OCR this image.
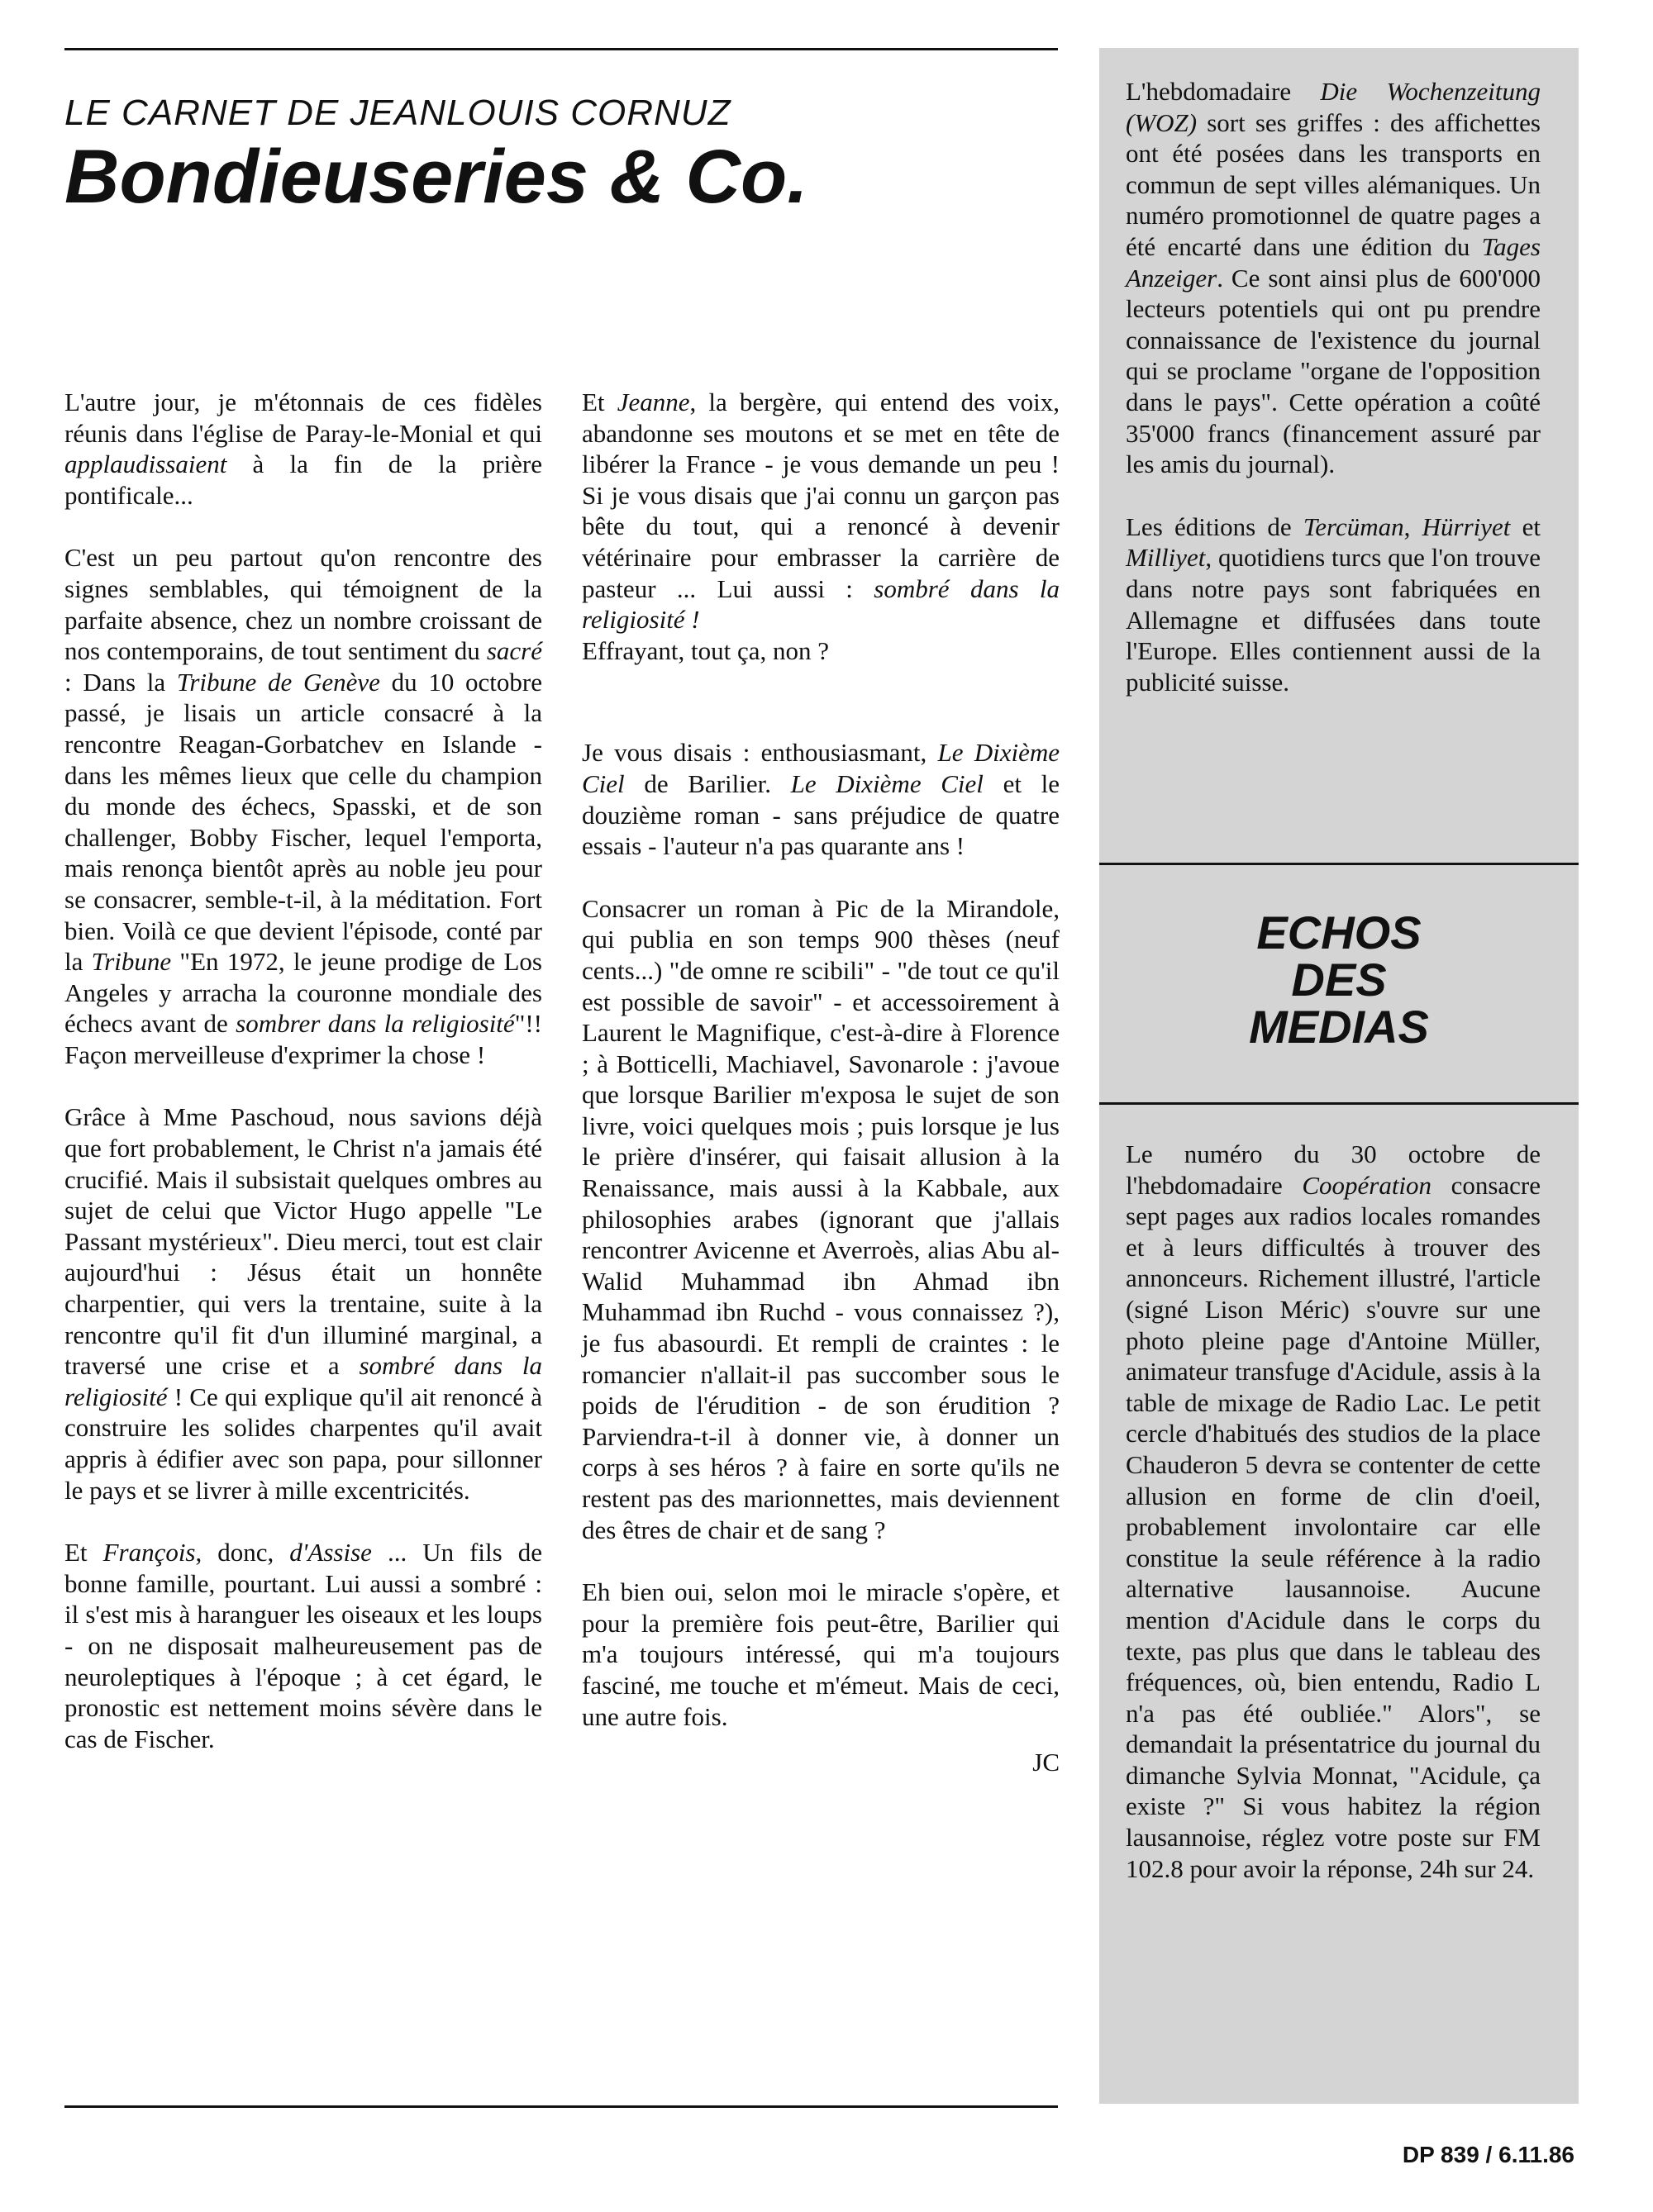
LE CARNET DE JEANLOUIS CORNUZ
Bondieuseries & Co.

L'autre jour, je m'étonnais de ces fidèles réunis dans l'église de Paray-le-Monial et qui applaudissaient à la fin de la prière pontificale...

C'est un peu partout qu'on rencontre des signes semblables, qui témoignent de la parfaite absence, chez un nombre croissant de nos contemporains, de tout sentiment du sacré : Dans la Tribune de Genève du 10 octobre passé, je lisais un article consacré à la rencontre Reagan-Gorbatchev en Islande - dans les mêmes lieux que celle du champion du monde des échecs, Spasski, et de son challenger, Bobby Fischer, lequel l'emporta, mais renonça bientôt après au noble jeu pour se consacrer, semble-t-il, à la méditation. Fort bien. Voilà ce que devient l'épisode, conté par la Tribune "En 1972, le jeune prodige de Los Angeles y arracha la couronne mondiale des échecs avant de sombrer dans la religiosité"!! Façon merveilleuse d'exprimer la chose !

Grâce à Mme Paschoud, nous savions déjà que fort probablement, le Christ n'a jamais été crucifié. Mais il subsistait quelques ombres au sujet de celui que Victor Hugo appelle "Le Passant mystérieux". Dieu merci, tout est clair aujourd'hui : Jésus était un honnête charpentier, qui vers la trentaine, suite à la rencontre qu'il fit d'un illuminé marginal, a traversé une crise et a sombré dans la religiosité ! Ce qui explique qu'il ait renoncé à construire les solides charpentes qu'il avait appris à édifier avec son papa, pour sillonner le pays et se livrer à mille excentricités.

Et François, donc, d'Assise ... Un fils de bonne famille, pourtant. Lui aussi a sombré : il s'est mis à haranguer les oiseaux et les loups - on ne disposait malheureusement pas de neuroleptiques à l'époque ; à cet égard, le pronostic est nettement moins sévère dans le cas de Fischer.

Et Jeanne, la bergère, qui entend des voix, abandonne ses moutons et se met en tête de libérer la France - je vous demande un peu ! Si je vous disais que j'ai connu un garçon pas bête du tout, qui a renoncé à devenir vétérinaire pour embrasser la carrière de pasteur ... Lui aussi : sombré dans la religiosité !

Effrayant, tout ça, non ?

Je vous disais : enthousiasmant, Le Dixième Ciel de Barilier. Le Dixième Ciel et le douzième roman - sans préjudice de quatre essais - l'auteur n'a pas quarante ans !

Consacrer un roman à Pic de la Mirandole, qui publia en son temps 900 thèses (neuf cents...) "de omne re scibili" - "de tout ce qu'il est possible de savoir" - et accessoirement à Laurent le Magnifique, c'est-à-dire à Florence ; à Botticelli, Machiavel, Savonarole : j'avoue que lorsque Barilier m'exposa le sujet de son livre, voici quelques mois ; puis lorsque je lus le prière d'insérer, qui faisait allusion à la Renaissance, mais aussi à la Kabbale, aux philosophies arabes (ignorant que j'allais rencontrer Avicenne et Averroès, alias Abu al-Walid Muhammad ibn Ahmad ibn Muhammad ibn Ruchd - vous connaissez ?), je fus abasourdi. Et rempli de craintes : le romancier n'allait-il pas succomber sous le poids de l'érudition - de son érudition ? Parviendra-t-il à donner vie, à donner un corps à ses héros ? à faire en sorte qu'ils ne restent pas des marionnettes, mais deviennent des êtres de chair et de sang ?

Eh bien oui, selon moi le miracle s'opère, et pour la première fois peut-être, Barilier qui m'a toujours intéressé, qui m'a toujours fasciné, me touche et m'émeut. Mais de ceci, une autre fois.

JC

L'hebdomadaire Die Wochenzeitung (WOZ) sort ses griffes : des affichettes ont été posées dans les transports en commun de sept villes alémaniques. Un numéro promotionnel de quatre pages a été encarté dans une édition du Tages Anzeiger. Ce sont ainsi plus de 600'000 lecteurs potentiels qui ont pu prendre connaissance de l'existence du journal qui se proclame "organe de l'opposition dans le pays". Cette opération a coûté 35'000 francs (financement assuré par les amis du journal).

Les éditions de Tercüman, Hürriyet et Milliyet, quotidiens turcs que l'on trouve dans notre pays sont fabriquées en Allemagne et diffusées dans toute l'Europe. Elles contiennent aussi de la publicité suisse.

ECHOS
DES
MEDIAS

Le numéro du 30 octobre de l'hebdomadaire Coopération consacre sept pages aux radios locales romandes et à leurs difficultés à trouver des annonceurs. Richement illustré, l'article (signé Lison Méric) s'ouvre sur une photo pleine page d'Antoine Müller, animateur transfuge d'Acidule, assis à la table de mixage de Radio Lac. Le petit cercle d'habitués des studios de la place Chauderon 5 devra se contenter de cette allusion en forme de clin d'oeil, probablement involontaire car elle constitue la seule référence à la radio alternative lausannoise. Aucune mention d'Acidule dans le corps du texte, pas plus que dans le tableau des fréquences, où, bien entendu, Radio L n'a pas été oubliée." Alors", se demandait la présentatrice du journal du dimanche Sylvia Monnat, "Acidule, ça existe ?" Si vous habitez la région lausannoise, réglez votre poste sur FM 102.8 pour avoir la réponse, 24h sur 24.

DP 839 / 6.11.86
